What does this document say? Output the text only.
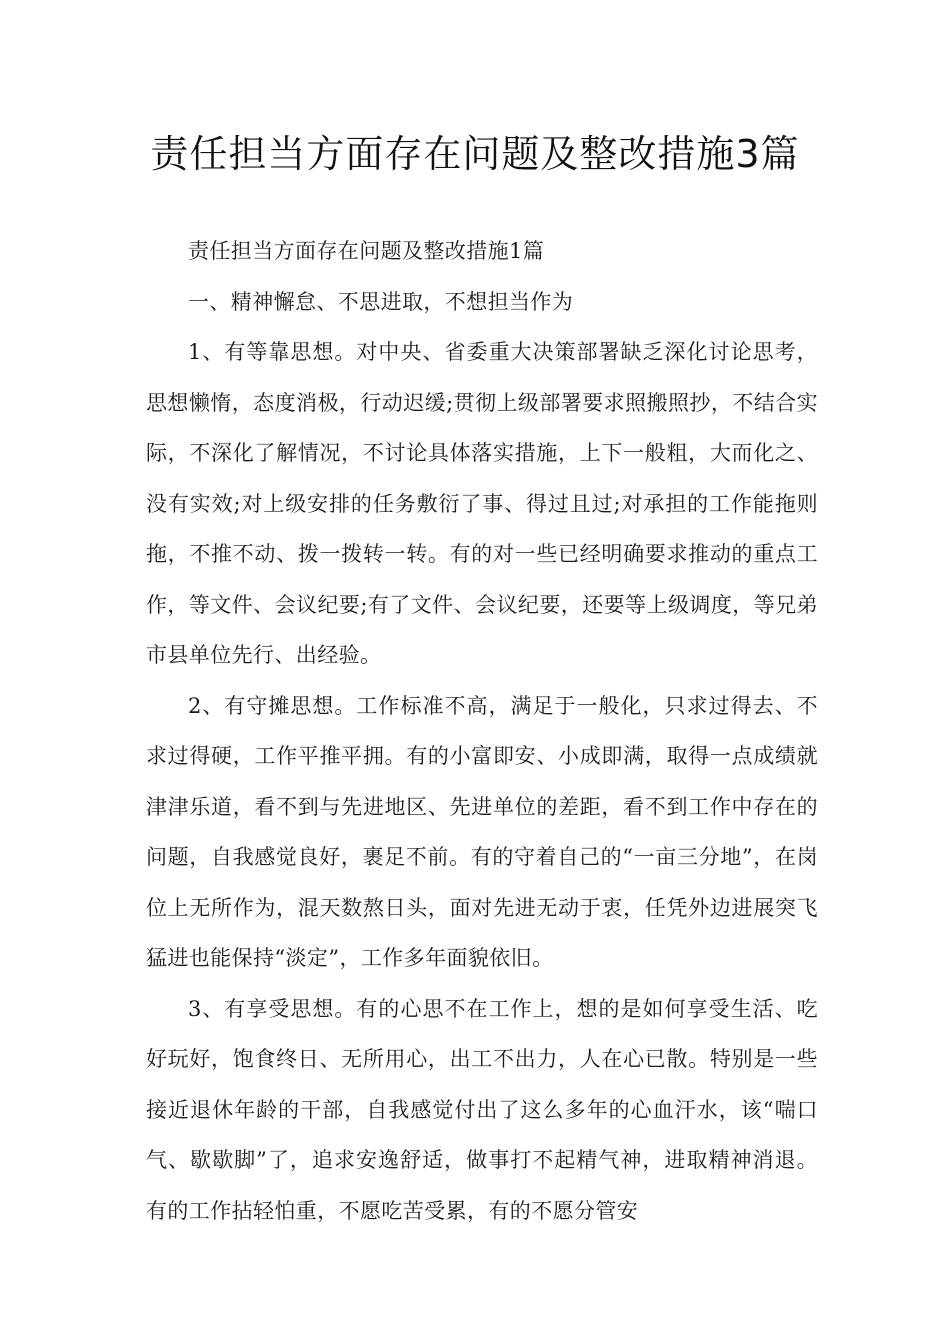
责任担当方面存在问题及整改措施3篇

责任担当方面存在问题及整改措施1篇

一、精神懈怠、不思进取，不想担当作为

1、有等靠思想。对中央、省委重大决策部署缺乏深化讨论思考，思想懒惰，态度消极，行动迟缓;贯彻上级部署要求照搬照抄，不结合实际，不深化了解情况，不讨论具体落实措施，上下一般粗，大而化之、没有实效;对上级安排的任务敷衍了事、得过且过;对承担的工作能拖则拖，不推不动、拨一拨转一转。有的对一些已经明确要求推动的重点工作，等文件、会议纪要;有了文件、会议纪要，还要等上级调度，等兄弟市县单位先行、出经验。

2、有守摊思想。工作标准不高，满足于一般化，只求过得去、不求过得硬，工作平推平拥。有的小富即安、小成即满，取得一点成绩就津津乐道，看不到与先进地区、先进单位的差距，看不到工作中存在的问题，自我感觉良好，裹足不前。有的守着自己的“一亩三分地”，在岗位上无所作为，混天数熬日头，面对先进无动于衷，任凭外边进展突飞猛进也能保持“淡定”，工作多年面貌依旧。

3、有享受思想。有的心思不在工作上，想的是如何享受生活、吃好玩好，饱食终日、无所用心，出工不出力，人在心已散。特别是一些接近退休年龄的干部，自我感觉付出了这么多年的心血汗水，该“喘口气、歇歇脚”了，追求安逸舒适，做事打不起精气神，进取精神消退。有的工作拈轻怕重，不愿吃苦受累，有的不愿分管安
